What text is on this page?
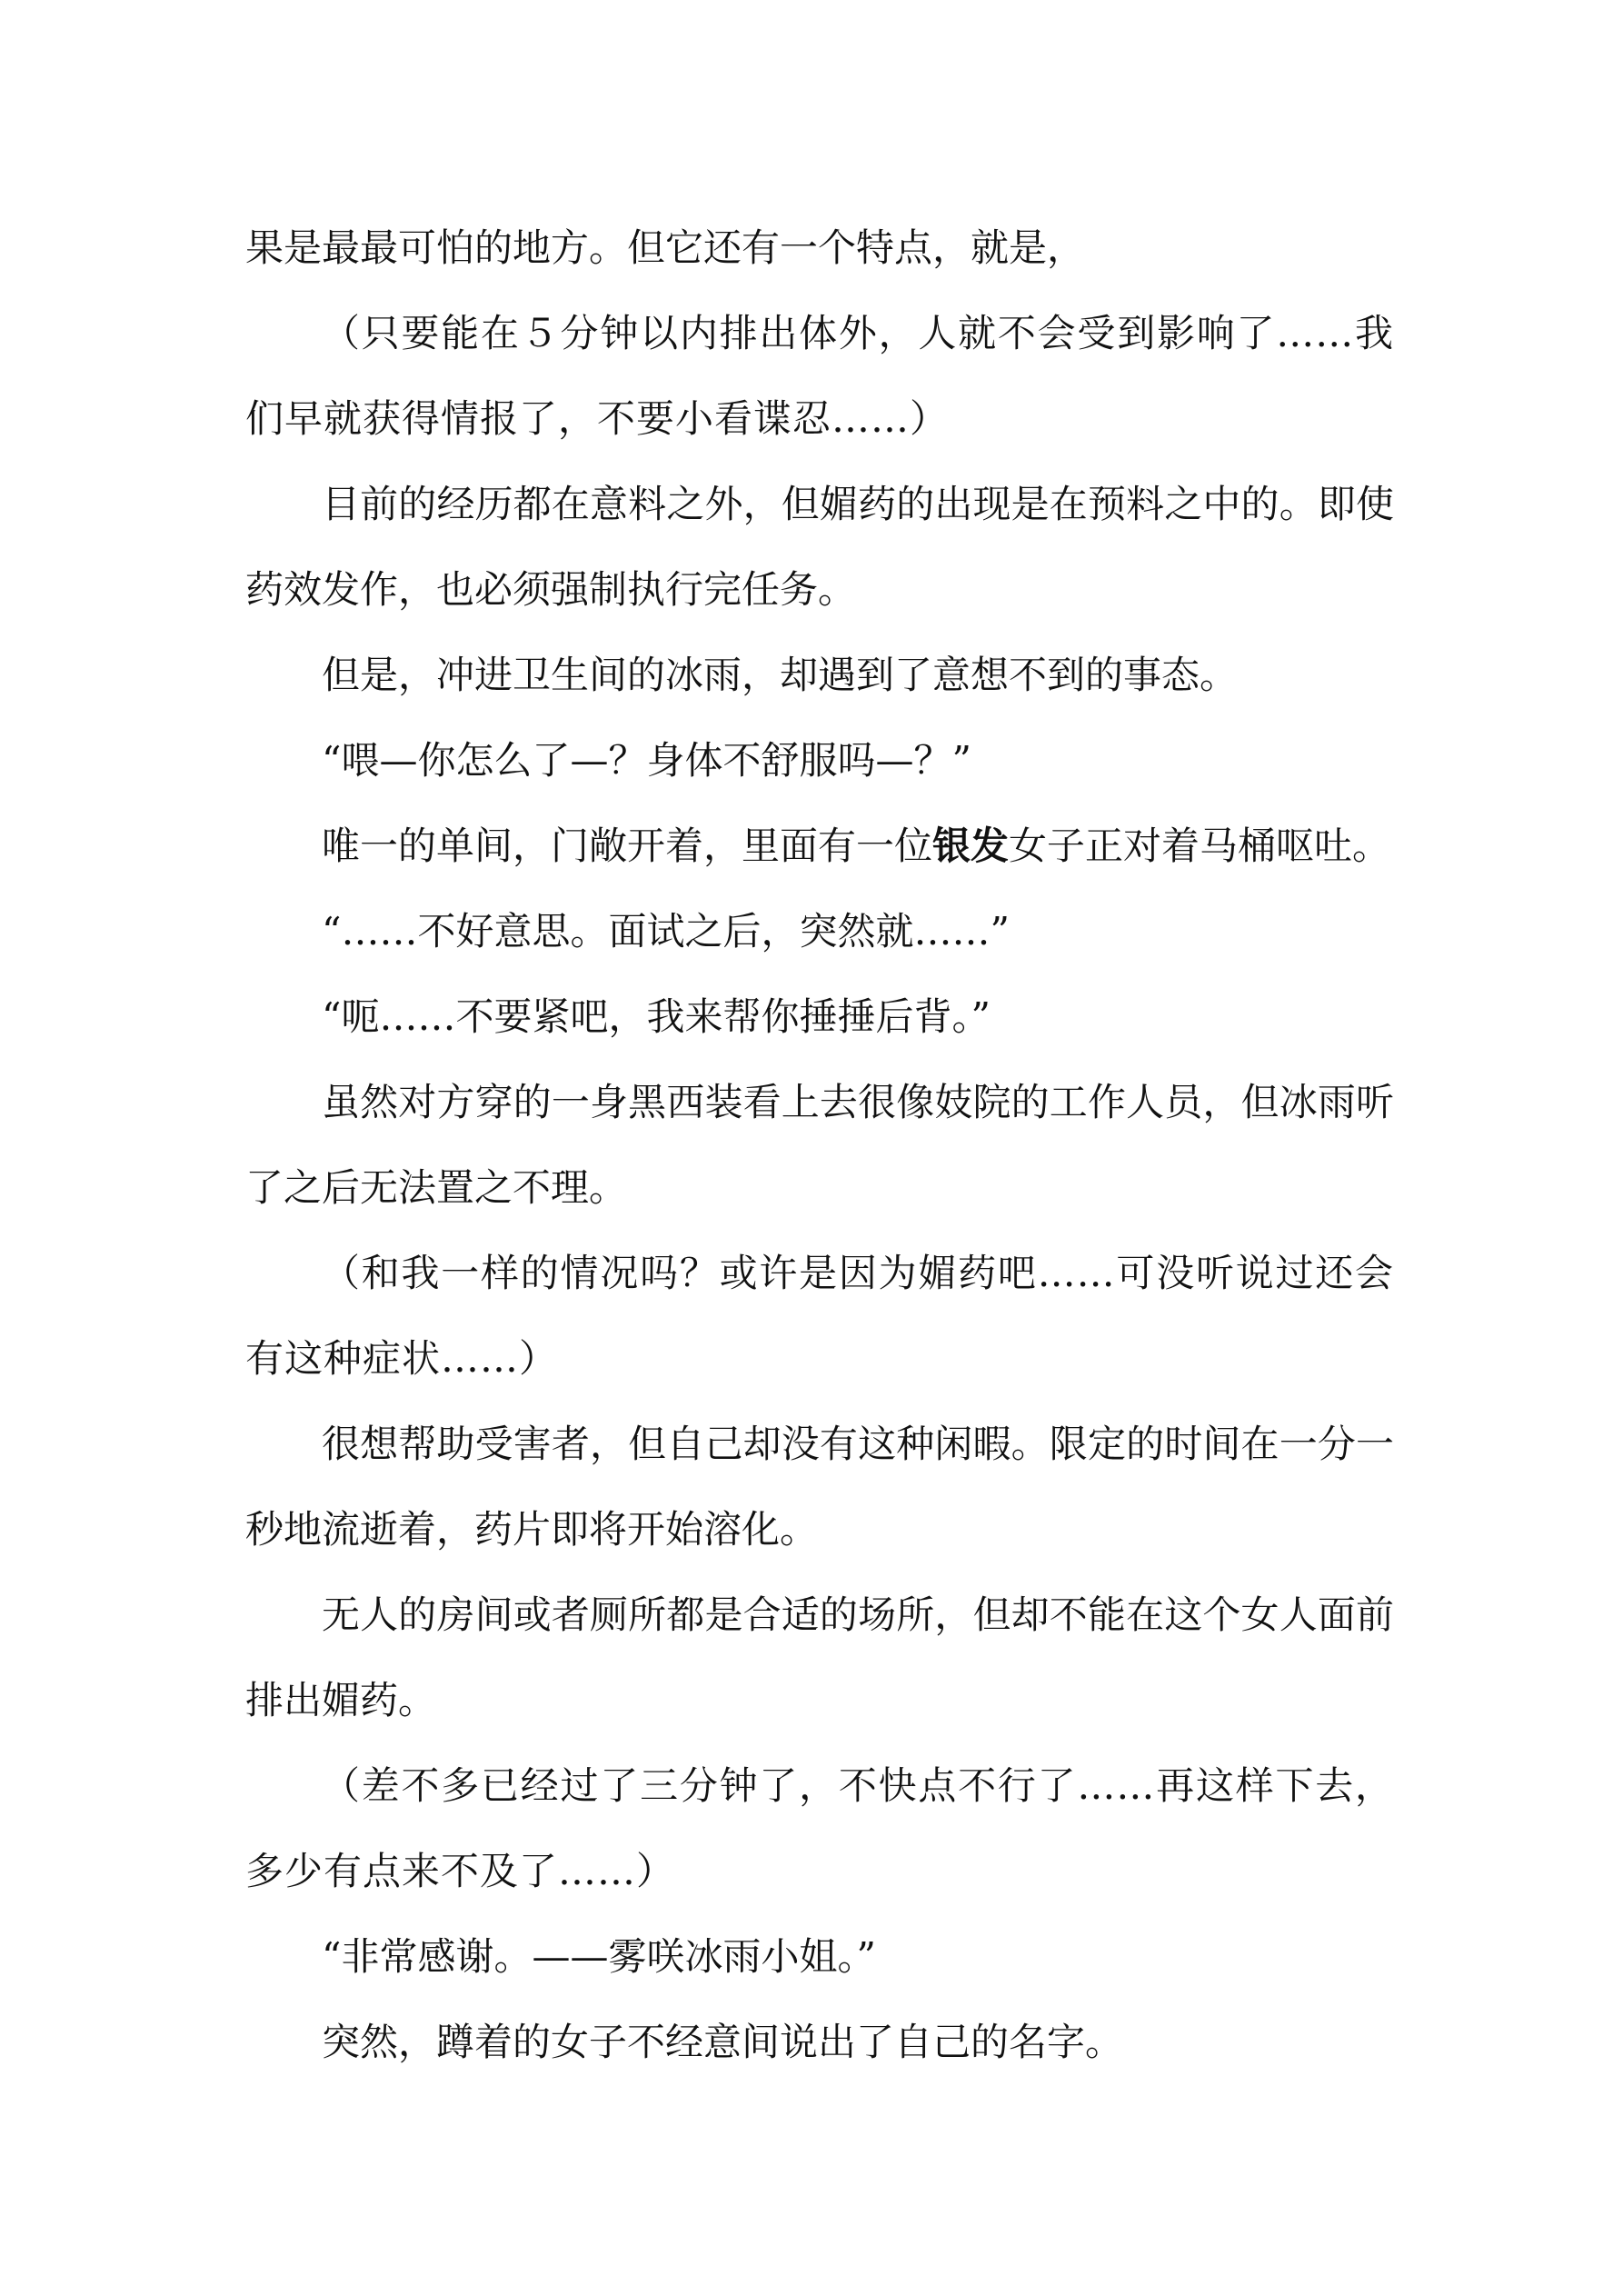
果是最最可怕的地方。但它还有一个特点，就是，

（只要能在５分钟以内排出体外，人就不会受到影响了……我们早就获得情报了，不要小看谍忍……）

目前的经历都在意料之外，但媚药的出现是在预料之中的。即使药效发作，也必须强制执行完任务。

但是，冲进卫生间的冰雨，却遇到了意想不到的事态。

“喂—你怎么了—？身体不舒服吗—？”

唯一的单间，门敞开着，里面有一位银发女子正对着马桶呕吐。

“……不好意思。面试之后，突然就……”

“呃……不要紧吧，我来帮你捶捶后背。”

虽然对方穿的一身黑西装看上去很像妓院的工作人员，但冰雨听了之后无法置之不理。

（和我一样的情况吗？或许是因为媚药吧……可没听说过还会有这种症状……）

很想帮助受害者，但自己却没有这种闲暇。限定的时间在一分一秒地流逝着，药片即将开始溶化。

无人的房间或者厕所都是合适的场所，但却不能在这个女人面前排出媚药。

（差不多已经过了三分钟了，不快点不行了……再这样下去，多少有点来不及了……）

“非常感谢。——雾咲冰雨小姐。”

突然，蹲着的女子不经意间说出了自己的名字。
